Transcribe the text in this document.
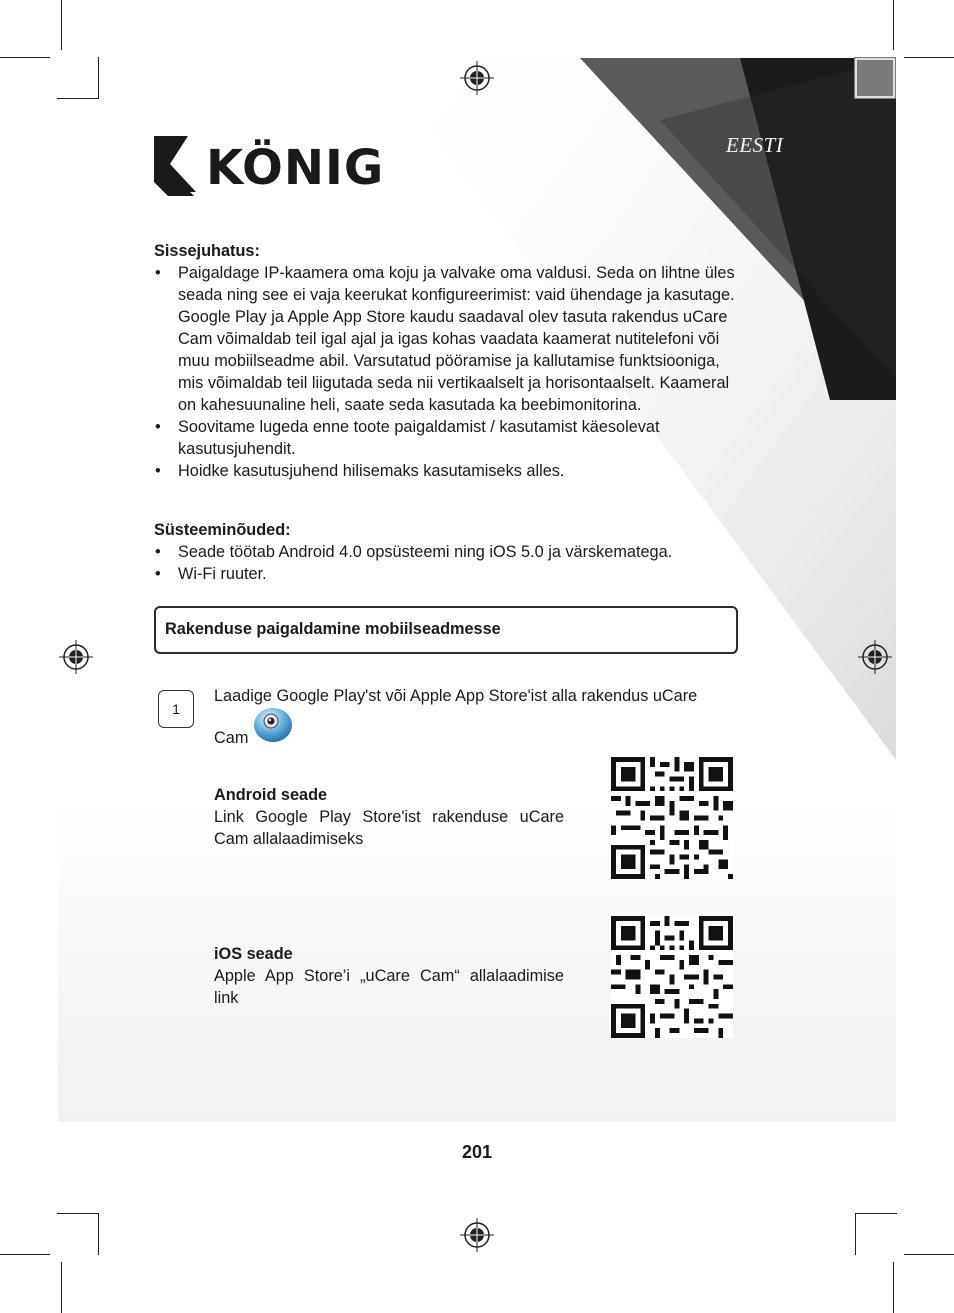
KÖNIG	EESTI
Sissejuhatus:
• Paigaldage IP-kaamera oma koju ja valvake oma valdusi. Seda on lihtne üles seada ning see ei vaja keerukat konfigureerimist: vaid ühendage ja kasutage. Google Play ja Apple App Store kaudu saadaval olev tasuta rakendus uCare Cam võimaldab teil igal ajal ja igas kohas vaadata kaamerat nutitelefoni või muu mobiilseadme abil. Varsutatud pööramise ja kallutamise funktsiooniga, mis võimaldab teil liigutada seda nii vertikaalselt ja horisontaalselt. Kaameral on kahesuunaline heli, saate seda kasutada ka beebimonitorina.
• Soovitame lugeda enne toote paigaldamist / kasutamist käesolevat kasutusjuhendit.
• Hoidke kasutusjuhend hilisemaks kasutamiseks alles.
Süsteeminõuded:
• Seade töötab Android 4.0 opsüsteemi ning iOS 5.0 ja värskematega.
• Wi-Fi ruuter.
Rakenduse paigaldamine mobiilseadmesse
1
Laadige Google Play'st või Apple App Store'ist alla rakendus uCare
Cam
Android seade
Link Google Play Store'ist rakenduse uCare Cam allalaadimiseks
iOS seade
Apple App Store’i „uCare Cam“ allalaadimise link
201
